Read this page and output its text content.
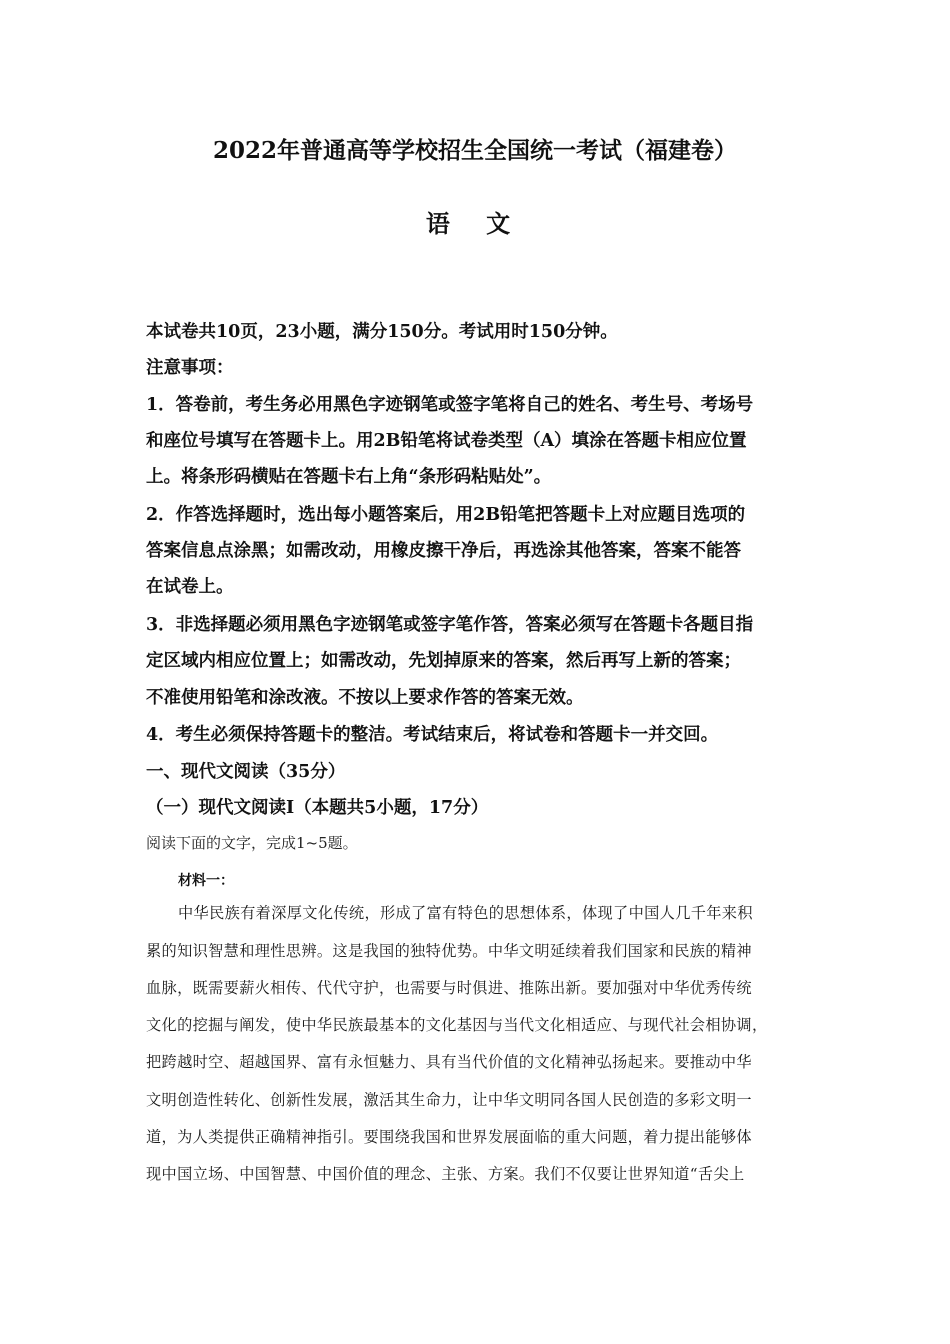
2022年普通高等学校招生全国统一考试（福建卷）
语 文
本试卷共10页，23小题，满分150分。考试用时150分钟。
注意事项：
1．答卷前，考生务必用黑色字迹钢笔或签字笔将自己的姓名、考生号、考场号
和座位号填写在答题卡上。用2B铅笔将试卷类型（A）填涂在答题卡相应位置
上。将条形码横贴在答题卡右上角“条形码粘贴处”。
2．作答选择题时，选出每小题答案后，用2B铅笔把答题卡上对应题目选项的
答案信息点涂黑；如需改动，用橡皮擦干净后，再选涂其他答案，答案不能答
在试卷上。
3．非选择题必须用黑色字迹钢笔或签字笔作答，答案必须写在答题卡各题目指
定区域内相应位置上；如需改动，先划掉原来的答案，然后再写上新的答案；
不准使用铅笔和涂改液。不按以上要求作答的答案无效。
4．考生必须保持答题卡的整洁。考试结束后，将试卷和答题卡一并交回。
一、现代文阅读（35分）
（一）现代文阅读Ⅰ（本题共5小题，17分）
阅读下面的文字，完成1~5题。
材料一：
中华民族有着深厚文化传统，形成了富有特色的思想体系，体现了中国人几千年来积
累的知识智慧和理性思辨。这是我国的独特优势。中华文明延续着我们国家和民族的精神
血脉，既需要薪火相传、代代守护，也需要与时俱进、推陈出新。要加强对中华优秀传统
文化的挖掘与阐发，使中华民族最基本的文化基因与当代文化相适应、与现代社会相协调，
把跨越时空、超越国界、富有永恒魅力、具有当代价值的文化精神弘扬起来。要推动中华
文明创造性转化、创新性发展，激活其生命力，让中华文明同各国人民创造的多彩文明一
道，为人类提供正确精神指引。要围绕我国和世界发展面临的重大问题，着力提出能够体
现中国立场、中国智慧、中国价值的理念、主张、方案。我们不仅要让世界知道“舌尖上
